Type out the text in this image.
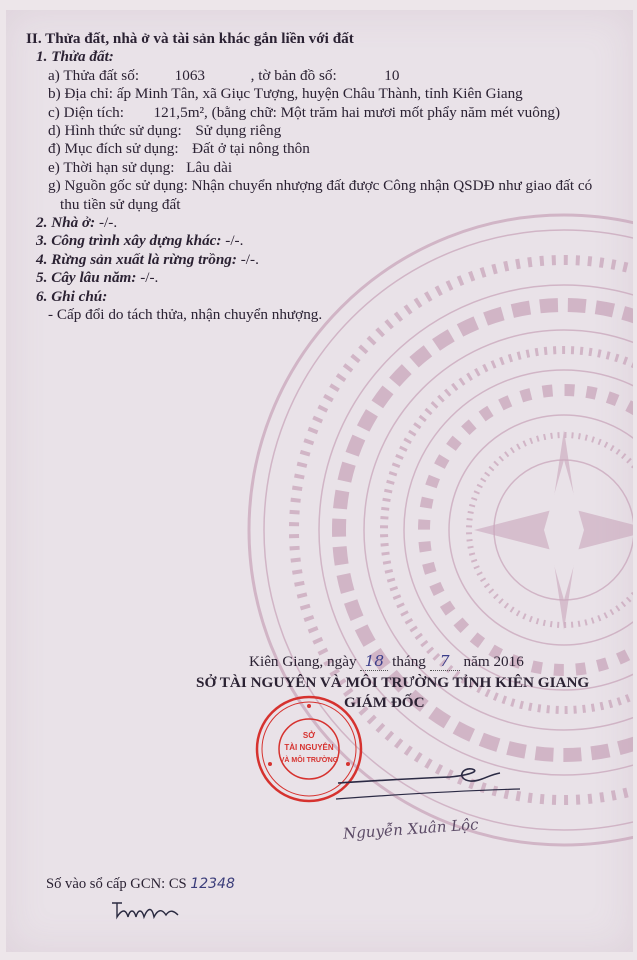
II. Thửa đất, nhà ở và tài sản khác gắn liền với đất
1. Thửa đất:
a) Thửa đất số: 1063	, tờ bản đồ số:	10
b) Địa chỉ: ấp Minh Tân, xã Giục Tượng, huyện Châu Thành, tỉnh Kiên Giang
c) Diện tích: 121,5m², (bằng chữ: Một trăm hai mươi mốt phẩy năm mét vuông)
d) Hình thức sử dụng: Sử dụng riêng
đ) Mục đích sử dụng: Đất ở tại nông thôn
e) Thời hạn sử dụng: Lâu dài
g) Nguồn gốc sử dụng: Nhận chuyển nhượng đất được Công nhận QSDĐ như giao đất có
thu tiền sử dụng đất
2. Nhà ở: -/-.
3. Công trình xây dựng khác: -/-.
4. Rừng sản xuất là rừng trồng: -/-.
5. Cây lâu năm: -/-.
6. Ghi chú:
- Cấp đổi do tách thửa, nhận chuyển nhượng.
Kiên Giang, ngày 18 tháng 7 năm 2016
SỞ TÀI NGUYÊN VÀ MÔI TRƯỜNG TỈNH KIÊN GIANG
GIÁM ĐỐC
SỞ
TÀI NGUYÊN
VÀ MÔI TRƯỜNG
Nguyễn Xuân Lộc
Số vào sổ cấp GCN: CS 12348
